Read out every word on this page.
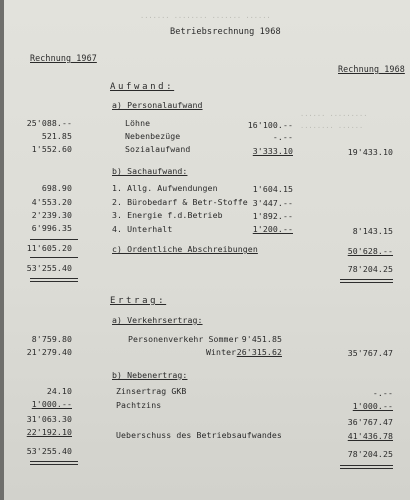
······· ········ ······· ······
······ ·········
········ ······
Betriebsrechnung 1968
Rechnung 1967
Rechnung 1968
Aufwand:
a) Personalaufwand
25'088.--	Löhne	16'100.--
521.85	Nebenbezüge	-.--
1'552.60	Sozialaufwand	3'333.10	19'433.10
b) Sachaufwand:
698.90	1. Allg. Aufwendungen	1'604.15
4'553.20	2. Bürobedarf & Betr-Stoffe 3'447.--
2'239.30	3. Energie f.d.Betrieb	1'892.--
6'996.35	4. Unterhalt	1'200.--	8'143.15
11'605.20	c) Ordentliche Abschreibungen	50'628.--
53'255.40	78'204.25
Ertrag:
a) Verkehrsertrag:
8'759.80	Personenverkehr Sommer 9'451.85
21'279.40	Winter 26'315.62	35'767.47
b) Nebenertrag:
24.10	Zinsertrag GKB	-.--
1'000.--	Pachtzins	1'000.--
31'063.30	36'767.47
22'192.10	Ueberschuss des Betriebsaufwandes	41'436.78
53'255.40	78'204.25
